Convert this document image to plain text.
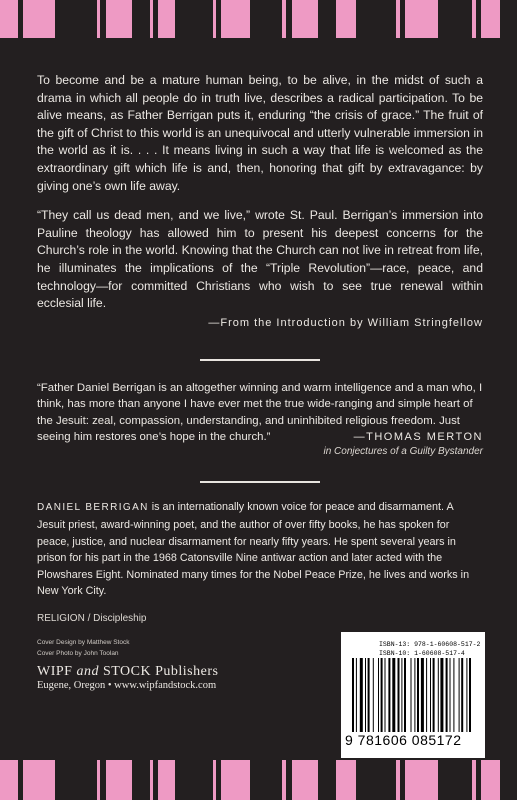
To become and be a mature human being, to be alive, in the midst of such a drama in which all people do in truth live, describes a radical participation. To be alive means, as Father Berrigan puts it, enduring “the crisis of grace.” The fruit of the gift of Christ to this world is an unequivocal and utterly vulnerable immersion in the world as it is. . . . It means living in such a way that life is welcomed as the extraordinary gift which life is and, then, honoring that gift by extravagance: by giving one’s own life away.

“They call us dead men, and we live,” wrote St. Paul. Berrigan’s immersion into Pauline theology has allowed him to present his deepest concerns for the Church’s role in the world. Knowing that the Church can not live in retreat from life, he illuminates the implications of the “Triple Revolution”—race, peace, and technology—for committed Christians who wish to see true renewal within ecclesial life.

—From the Introduction by William Stringfellow
“Father Daniel Berrigan is an altogether winning and warm intelligence and a man who, I think, has more than anyone I have ever met the true wide-ranging and simple heart of the Jesuit: zeal, compassion, understanding, and uninhibited religious freedom. Just seeing him restores one’s hope in the church.”	—THOMAS MERTON
in Conjectures of a Guilty Bystander
DANIEL BERRIGAN is an internationally known voice for peace and disarmament. A Jesuit priest, award-winning poet, and the author of over fifty books, he has spoken for peace, justice, and nuclear disarmament for nearly fifty years. He spent several years in prison for his part in the 1968 Catonsville Nine antiwar action and later acted with the Plowshares Eight. Nominated many times for the Nobel Peace Prize, he lives and works in New York City.
RELIGION / Discipleship
Cover Design by Matthew Stock
Cover Photo by John Toolan
WIPF and STOCK Publishers
Eugene, Oregon • www.wipfandstock.com
ISBN-13: 978-1-60608-517-2
ISBN-10: 1-60608-517-4
9 781606 085172
